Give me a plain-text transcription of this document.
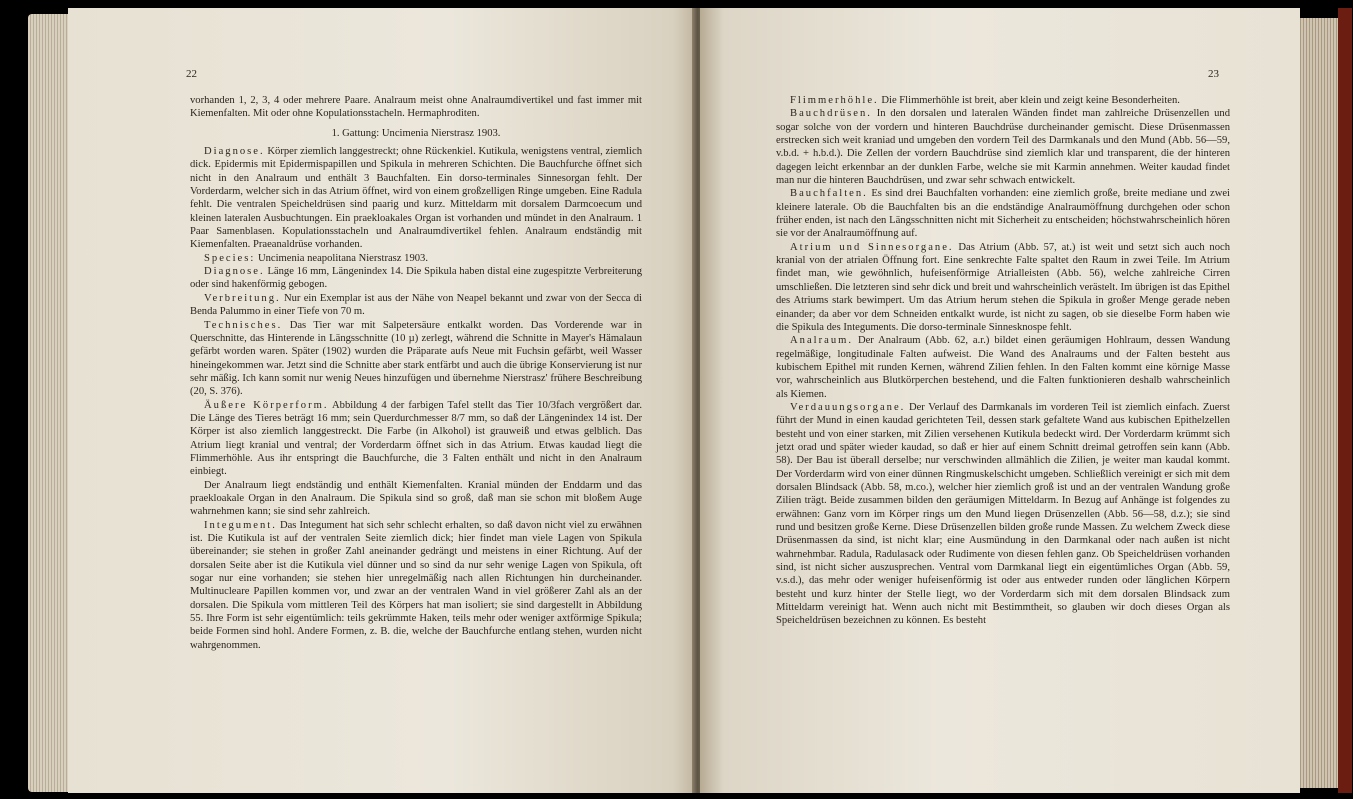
22

vorhanden 1, 2, 3, 4 oder mehrere Paare. Analraum meist ohne Analraumdivertikel und fast immer mit Kiemenfalten. Mit oder ohne Kopulationsstacheln. Hermaphroditen.

1. Gattung: Uncimenia Nierstrasz 1903.

Diagnose. Körper ziemlich langgestreckt; ohne Rückenkiel. Kutikula, wenigstens ventral, ziemlich dick. Epidermis mit Epidermispapillen und Spikula in mehreren Schichten. Die Bauchfurche öffnet sich nicht in den Analraum und enthält 3 Bauchfalten. Ein dorso-terminales Sinnesorgan fehlt. Der Vorderdarm, welcher sich in das Atrium öffnet, wird von einem großzelligen Ringe umgeben. Eine Radula fehlt. Die ventralen Speicheldrüsen sind paarig und kurz. Mitteldarm mit dorsalem Darmcoecum und kleinen lateralen Ausbuchtungen. Ein praekloakales Organ ist vorhanden und mündet in den Analraum. 1 Paar Samenblasen. Kopulationsstacheln und Analraumdivertikel fehlen. Analraum endständig mit Kiemenfalten. Praeanaldrüse vorhanden.

Species: Uncimenia neapolitana Nierstrasz 1903.

Diagnose. Länge 16 mm, Längenindex 14. Die Spikula haben distal eine zugespitzte Verbreiterung oder sind hakenförmig gebogen.

Verbreitung. Nur ein Exemplar ist aus der Nähe von Neapel bekannt und zwar von der Secca di Benda Palummo in einer Tiefe von 70 m.

Technisches. Das Tier war mit Salpetersäure entkalkt worden. Das Vorderende war in Querschnitte, das Hinterende in Längsschnitte (10 µ) zerlegt, während die Schnitte in Mayer's Hämalaun gefärbt worden waren. Später (1902) wurden die Präparate aufs Neue mit Fuchsin gefärbt, weil Wasser hineingekommen war. Jetzt sind die Schnitte aber stark entfärbt und auch die übrige Konservierung ist nur sehr mäßig. Ich kann somit nur wenig Neues hinzufügen und übernehme Nierstrasz' frühere Beschreibung (20, S. 376).

Äußere Körperform. Abbildung 4 der farbigen Tafel stellt das Tier 10/3fach vergrößert dar. Die Länge des Tieres beträgt 16 mm; sein Querdurchmesser 8/7 mm, so daß der Längenindex 14 ist. Der Körper ist also ziemlich langgestreckt. Die Farbe (in Alkohol) ist grauweiß und etwas gelblich. Das Atrium liegt kranial und ventral; der Vorderdarm öffnet sich in das Atrium. Etwas kaudad liegt die Flimmerhöhle. Aus ihr entspringt die Bauchfurche, die 3 Falten enthält und nicht in den Analraum einbiegt.

Der Analraum liegt endständig und enthält Kiemenfalten. Kranial münden der Enddarm und das praekloakale Organ in den Analraum. Die Spikula sind so groß, daß man sie schon mit bloßem Auge wahrnehmen kann; sie sind sehr zahlreich.

Integument. Das Integument hat sich sehr schlecht erhalten, so daß davon nicht viel zu erwähnen ist. Die Kutikula ist auf der ventralen Seite ziemlich dick; hier findet man viele Lagen von Spikula übereinander; sie stehen in großer Zahl aneinander gedrängt und meistens in einer Richtung. Auf der dorsalen Seite aber ist die Kutikula viel dünner und so sind da nur sehr wenige Lagen von Spikula, oft sogar nur eine vorhanden; sie stehen hier unregelmäßig nach allen Richtungen hin durcheinander. Multinucleare Papillen kommen vor, und zwar an der ventralen Wand in viel größerer Zahl als an der dorsalen. Die Spikula vom mittleren Teil des Körpers hat man isoliert; sie sind dargestellt in Abbildung 55. Ihre Form ist sehr eigentümlich: teils gekrümmte Haken, teils mehr oder weniger axtförmige Spikula; beide Formen sind hohl. Andere Formen, z. B. die, welche der Bauchfurche entlang stehen, wurden nicht wahrgenommen.

23

Flimmerhöhle. Die Flimmerhöhle ist breit, aber klein und zeigt keine Besonderheiten.

Bauchdrüsen. In den dorsalen und lateralen Wänden findet man zahlreiche Drüsenzellen und sogar solche von der vordern und hinteren Bauchdrüse durcheinander gemischt. Diese Drüsenmassen erstrecken sich weit kraniad und umgeben den vordern Teil des Darmkanals und den Mund (Abb. 56—59, v.b.d. + h.b.d.). Die Zellen der vordern Bauchdrüse sind ziemlich klar und transparent, die der hinteren dagegen leicht erkennbar an der dunklen Farbe, welche sie mit Karmin annehmen. Weiter kaudad findet man nur die hinteren Bauchdrüsen, und zwar sehr schwach entwickelt.

Bauchfalten. Es sind drei Bauchfalten vorhanden: eine ziemlich große, breite mediane und zwei kleinere laterale. Ob die Bauchfalten bis an die endständige Analraumöffnung durchgehen oder schon früher enden, ist nach den Längsschnitten nicht mit Sicherheit zu entscheiden; höchstwahrscheinlich hören sie vor der Analraumöffnung auf.

Atrium und Sinnesorgane. Das Atrium (Abb. 57, at.) ist weit und setzt sich auch noch kranial von der atrialen Öffnung fort. Eine senkrechte Falte spaltet den Raum in zwei Teile. Im Atrium findet man, wie gewöhnlich, hufeisenförmige Atrialleisten (Abb. 56), welche zahlreiche Cirren umschließen. Die letzteren sind sehr dick und breit und wahrscheinlich verästelt. Im übrigen ist das Epithel des Atriums stark bewimpert. Um das Atrium herum stehen die Spikula in großer Menge gerade neben einander; da aber vor dem Schneiden entkalkt wurde, ist nicht zu sagen, ob sie dieselbe Form haben wie die Spikula des Integuments. Die dorso-terminale Sinnesknospe fehlt.

Analraum. Der Analraum (Abb. 62, a.r.) bildet einen geräumigen Hohlraum, dessen Wandung regelmäßige, longitudinale Falten aufweist. Die Wand des Analraums und der Falten besteht aus kubischem Epithel mit runden Kernen, während Zilien fehlen. In den Falten kommt eine körnige Masse vor, wahrscheinlich aus Blutkörperchen bestehend, und die Falten funktionieren deshalb wahrscheinlich als Kiemen.

Verdauungsorgane. Der Verlauf des Darmkanals im vorderen Teil ist ziemlich einfach. Zuerst führt der Mund in einen kaudad gerichteten Teil, dessen stark gefaltete Wand aus kubischen Epithelzellen besteht und von einer starken, mit Zilien versehenen Kutikula bedeckt wird. Der Vorderdarm krümmt sich jetzt orad und später wieder kaudad, so daß er hier auf einem Schnitt dreimal getroffen sein kann (Abb. 58). Der Bau ist überall derselbe; nur verschwinden allmählich die Zilien, je weiter man kaudal kommt. Der Vorderdarm wird von einer dünnen Ringmuskelschicht umgeben. Schließlich vereinigt er sich mit dem dorsalen Blindsack (Abb. 58, m.co.), welcher hier ziemlich groß ist und an der ventralen Wandung große Zilien trägt. Beide zusammen bilden den geräumigen Mitteldarm. In Bezug auf Anhänge ist folgendes zu erwähnen: Ganz vorn im Körper rings um den Mund liegen Drüsenzellen (Abb. 56—58, d.z.); sie sind rund und besitzen große Kerne. Diese Drüsenzellen bilden große runde Massen. Zu welchem Zweck diese Drüsenmassen da sind, ist nicht klar; eine Ausmündung in den Darmkanal oder nach außen ist nicht wahrnehmbar. Radula, Radulasack oder Rudimente von diesen fehlen ganz. Ob Speicheldrüsen vorhanden sind, ist nicht sicher auszusprechen. Ventral vom Darmkanal liegt ein eigentümliches Organ (Abb. 59, v.s.d.), das mehr oder weniger hufeisenförmig ist oder aus entweder runden oder länglichen Körpern besteht und kurz hinter der Stelle liegt, wo der Vorderdarm sich mit dem dorsalen Blindsack zum Mitteldarm vereinigt hat. Wenn auch nicht mit Bestimmtheit, so glauben wir doch dieses Organ als Speicheldrüsen bezeichnen zu können. Es besteht
